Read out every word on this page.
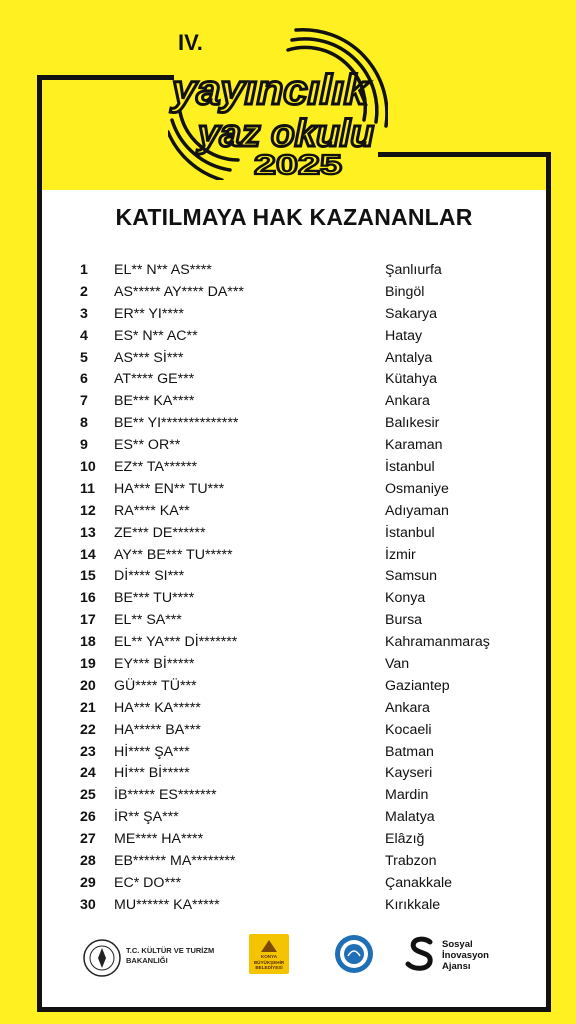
IV.
yayıncılık
yaz okulu
2025
KATILMAYA HAK KAZANANLAR
1	EL** N** AS****	Şanlıurfa
2	AS***** AY**** DA***	Bingöl
3	ER** YI****	Sakarya
4	ES* N** AC**	Hatay
5	AS*** Sİ***	Antalya
6	AT**** GE***	Kütahya
7	BE*** KA****	Ankara
8	BE** YI**************	Balıkesir
9	ES** OR**	Karaman
10	EZ** TA******	İstanbul
11	HA*** EN** TU***	Osmaniye
12	RA**** KA**	Adıyaman
13	ZE*** DE******	İstanbul
14	AY** BE*** TU*****	İzmir
15	Dİ**** SI***	Samsun
16	BE*** TU****	Konya
17	EL** SA***	Bursa
18	EL** YA*** Dİ*******	Kahramanmaraş
19	EY*** Bİ*****	Van
20	GÜ**** TÜ***	Gaziantep
21	HA*** KA*****	Ankara
22	HA***** BA***	Kocaeli
23	Hİ**** ŞA***	Batman
24	Hİ*** Bİ*****	Kayseri
25	İB***** ES*******	Mardin
26	İR** ŞA***	Malatya
27	ME**** HA****	Elâzığ
28	EB****** MA********	Trabzon
29	EC* DO***	Çanakkale
30	MU****** KA*****	Kırıkkale
T.C. KÜLTÜR VE TURİZM
BAKANLIĞI	KONYA
BÜYÜKŞEHİR
BELEDİYESİ
Sosyal
İnovasyon
Ajansı
